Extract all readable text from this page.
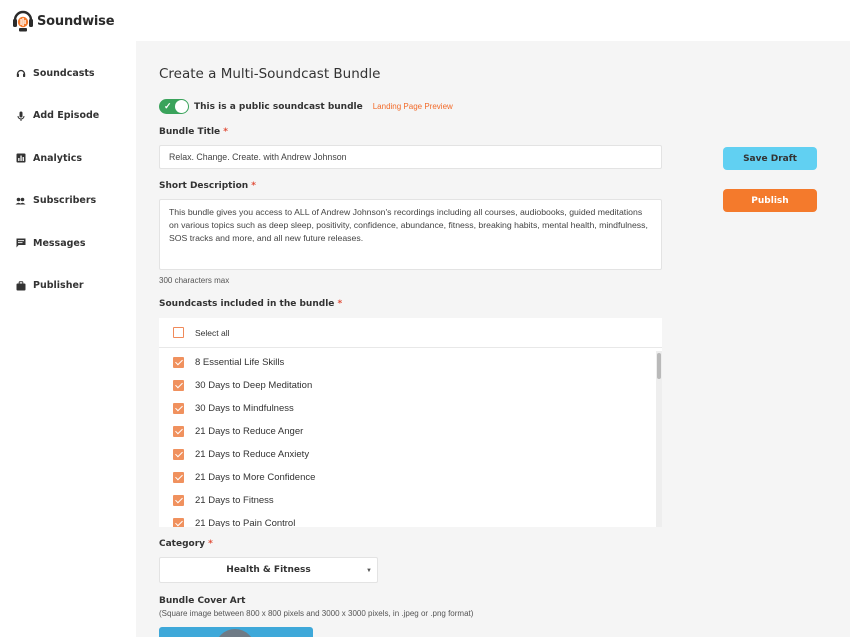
Soundwise
Soundcasts
Add Episode
Analytics
Subscribers
Messages
Publisher
Create a Multi-Soundcast Bundle
✓ This is a public soundcast bundle Landing Page Preview
Bundle Title *
Relax. Change. Create. with Andrew Johnson
Short Description *
This bundle gives you access to ALL of Andrew Johnson's recordings including all courses, audiobooks, guided meditations on various topics such as deep sleep, positivity, confidence, abundance, fitness, breaking habits, mental health, mindfulness, SOS tracks and more, and all new future releases.
300 characters max
Soundcasts included in the bundle *
Select all
8 Essential Life Skills
30 Days to Deep Meditation
30 Days to Mindfulness
21 Days to Reduce Anger
21 Days to Reduce Anxiety
21 Days to More Confidence
21 Days to Fitness
21 Days to Pain Control
Category *
Health & Fitness	▼
Bundle Cover Art
(Square image between 800 x 800 pixels and 3000 x 3000 pixels, in .jpeg or .png format)
Save Draft
Publish
